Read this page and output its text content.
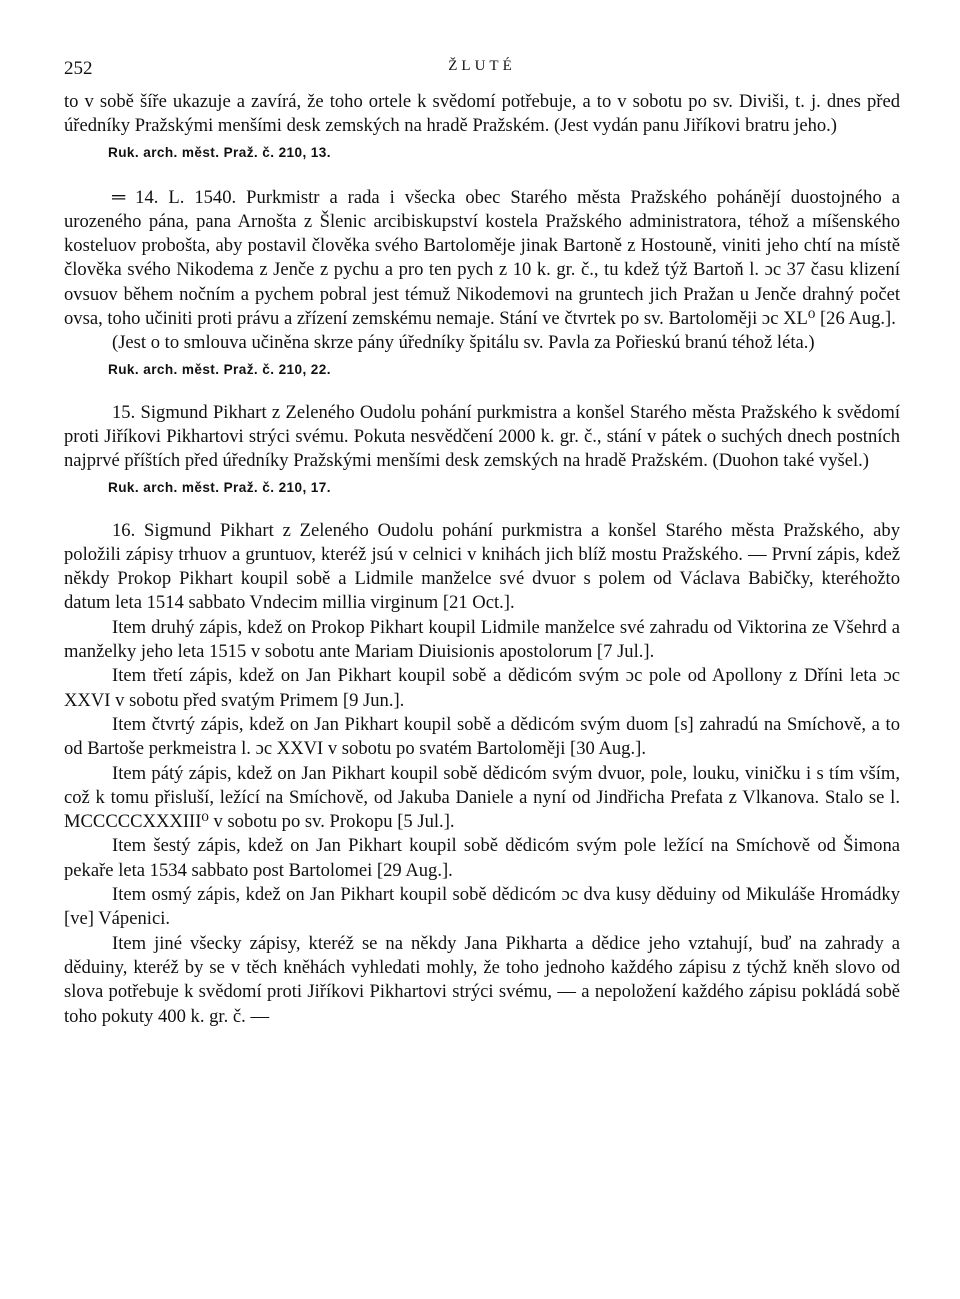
252	ŽLUTÉ

to v sobě šíře ukazuje a zavírá, že toho ortele k svědomí potřebuje, a to v sobotu po sv. Diviši, t. j. dnes před úředníky Pražskými menšími desk zemských na hradě Pražském. (Jest vydán panu Jiříkovi bratru jeho.)

Ruk. arch. měst. Praž. č. 210, 13.

═ 14. L. 1540. Purkmistr a rada i všecka obec Starého města Pražského pohánějí duostojného a urozeného pána, pana Arnošta z Šlenic arcibiskupství kostela Pražského administratora, téhož a míšenského kosteluov probošta, aby postavil člověka svého Bartoloměje jinak Bartoně z Hostouně, viniti jeho chtí na místě člověka svého Nikodema z Jenče z pychu a pro ten pych z 10 k. gr. č., tu kdež týž Bartoň l. ɔc 37 času klizení ovsuov během nočním a pychem pobral jest témuž Nikodemovi na gruntech jich Pražan u Jenče drahný počet ovsa, toho učiniti proti právu a zřízení zemskému nemaje. Stání ve čtvrtek po sv. Bartoloměji ɔc XL⁰ [26 Aug.].

(Jest o to smlouva učiněna skrze pány úředníky špitálu sv. Pavla za Pořieskú branú téhož léta.)

Ruk. arch. měst. Praž. č. 210, 22.

15. Sigmund Pikhart z Zeleného Oudolu pohání purkmistra a konšel Starého města Pražského k svědomí proti Jiříkovi Pikhartovi strýci svému. Pokuta nesvědčení 2000 k. gr. č., stání v pátek o suchých dnech postních najprvé příštích před úředníky Pražskými menšími desk zemských na hradě Pražském. (Duohon také vyšel.)

Ruk. arch. měst. Praž. č. 210, 17.

16. Sigmund Pikhart z Zeleného Oudolu pohání purkmistra a konšel Starého města Pražského, aby položili zápisy trhuov a gruntuov, kteréž jsú v celnici v knihách jich blíž mostu Pražského. — První zápis, kdež někdy Prokop Pikhart koupil sobě a Lidmile manželce své dvuor s polem od Václava Babičky, kteréhožto datum leta 1514 sabbato Vndecim millia virginum [21 Oct.].

Item druhý zápis, kdež on Prokop Pikhart koupil Lidmile manželce své zahradu od Viktorina ze Všehrd a manželky jeho leta 1515 v sobotu ante Mariam Diuisionis apostolorum [7 Jul.].

Item třetí zápis, kdež on Jan Pikhart koupil sobě a dědicóm svým ɔc pole od Apollony z Dříni leta ɔc XXVI v sobotu před svatým Primem [9 Jun.].

Item čtvrtý zápis, kdež on Jan Pikhart koupil sobě a dědicóm svým duom [s] zahradú na Smíchově, a to od Bartoše perkmeistra l. ɔc XXVI v sobotu po svatém Bartoloměji [30 Aug.].

Item pátý zápis, kdež on Jan Pikhart koupil sobě dědicóm svým dvuor, pole, louku, viničku i s tím vším, což k tomu přisluší, ležící na Smíchově, od Jakuba Daniele a nyní od Jindřicha Prefata z Vlkanova. Stalo se l. MCCCCCXXXIII⁰ v sobotu po sv. Prokopu [5 Jul.].

Item šestý zápis, kdež on Jan Pikhart koupil sobě dědicóm svým pole ležící na Smíchově od Šimona pekaře leta 1534 sabbato post Bartolomei [29 Aug.].

Item osmý zápis, kdež on Jan Pikhart koupil sobě dědicóm ɔc dva kusy děduiny od Mikuláše Hromádky [ve] Vápenici.

Item jiné všecky zápisy, kteréž se na někdy Jana Pikharta a dědice jeho vztahují, buď na zahrady a děduiny, kteréž by se v těch kněhách vyhledati mohly, že toho jednoho každého zápisu z týchž kněh slovo od slova potřebuje k svědomí proti Jiříkovi Pikhartovi strýci svému, — a nepoložení každého zápisu pokládá sobě toho pokuty 400 k. gr. č. —
